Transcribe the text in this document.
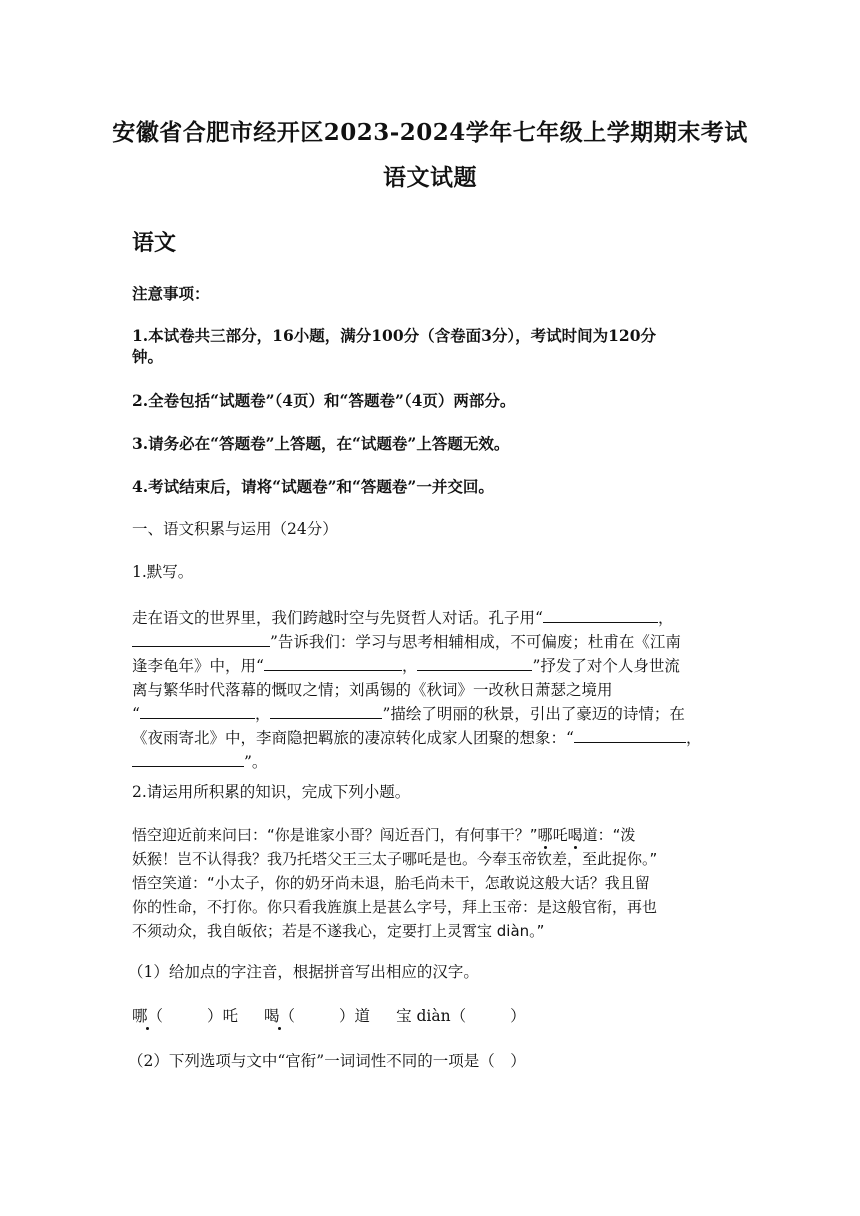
安徽省合肥市经开区2023-2024学年七年级上学期期末考试
语文试题
语文
注意事项：
1.本试卷共三部分，16小题，满分100分（含卷面3分），考试时间为120分
钟。
2.全卷包括“试题卷”（4页）和“答题卷”（4页）两部分。
3.请务必在“答题卷”上答题，在“试题卷”上答题无效。
4.考试结束后，请将“试题卷”和“答题卷”一并交回。
一、语文积累与运用（24分）
1.默写。
走在语文的世界里，我们跨越时空与先贤哲人对话。孔子用“	，
”告诉我们：学习与思考相辅相成，不可偏废；杜甫在《江南
逢李龟年》中，用“	，	”抒发了对个人身世流
离与繁华时代落幕的慨叹之情；刘禹锡的《秋词》一改秋日萧瑟之境用
“	，	”描绘了明丽的秋景，引出了豪迈的诗情；在
《夜雨寄北》中，李商隐把羁旅的凄凉转化成家人团聚的想象：“	，
”。
2.请运用所积累的知识，完成下列小题。
悟空迎近前来问曰：“你是谁家小哥？闯近吾门，有何事干？”哪吒喝道：“泼
妖猴！岂不认得我？我乃托塔父王三太子哪吒是也。今奉玉帝钦差，至此捉你。”
悟空笑道：“小太子，你的奶牙尚未退，胎毛尚未干，怎敢说这般大话？我且留
你的性命，不打你。你只看我旌旗上是甚么字号，拜上玉帝：是这般官衔，再也
不须动众，我自皈依；若是不遂我心，定要打上灵霄宝 diàn。”
（1）给加点的字注音，根据拼音写出相应的汉字。
哪（	）吒 喝（	）道 宝 diàn（	）
（2）下列选项与文中“官衔”一词词性不同的一项是（　）
